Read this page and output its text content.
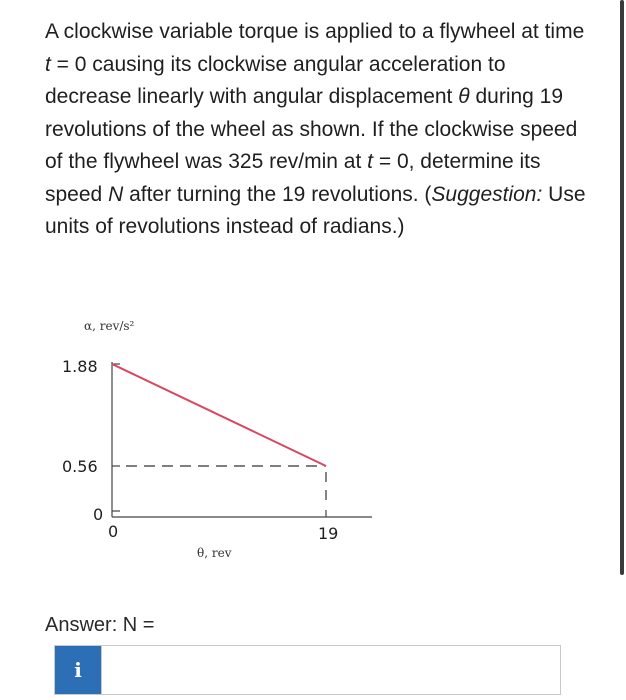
A clockwise variable torque is applied to a flywheel at time t = 0 causing its clockwise angular acceleration to decrease linearly with angular displacement θ during 19 revolutions of the wheel as shown. If the clockwise speed of the flywheel was 325 rev/min at t = 0, determine its speed N after turning the 19 revolutions. (Suggestion: Use units of revolutions instead of radians.)
α, rev/s²
1.88
0.56
0
0	19
θ, rev
Answer: N =
i
